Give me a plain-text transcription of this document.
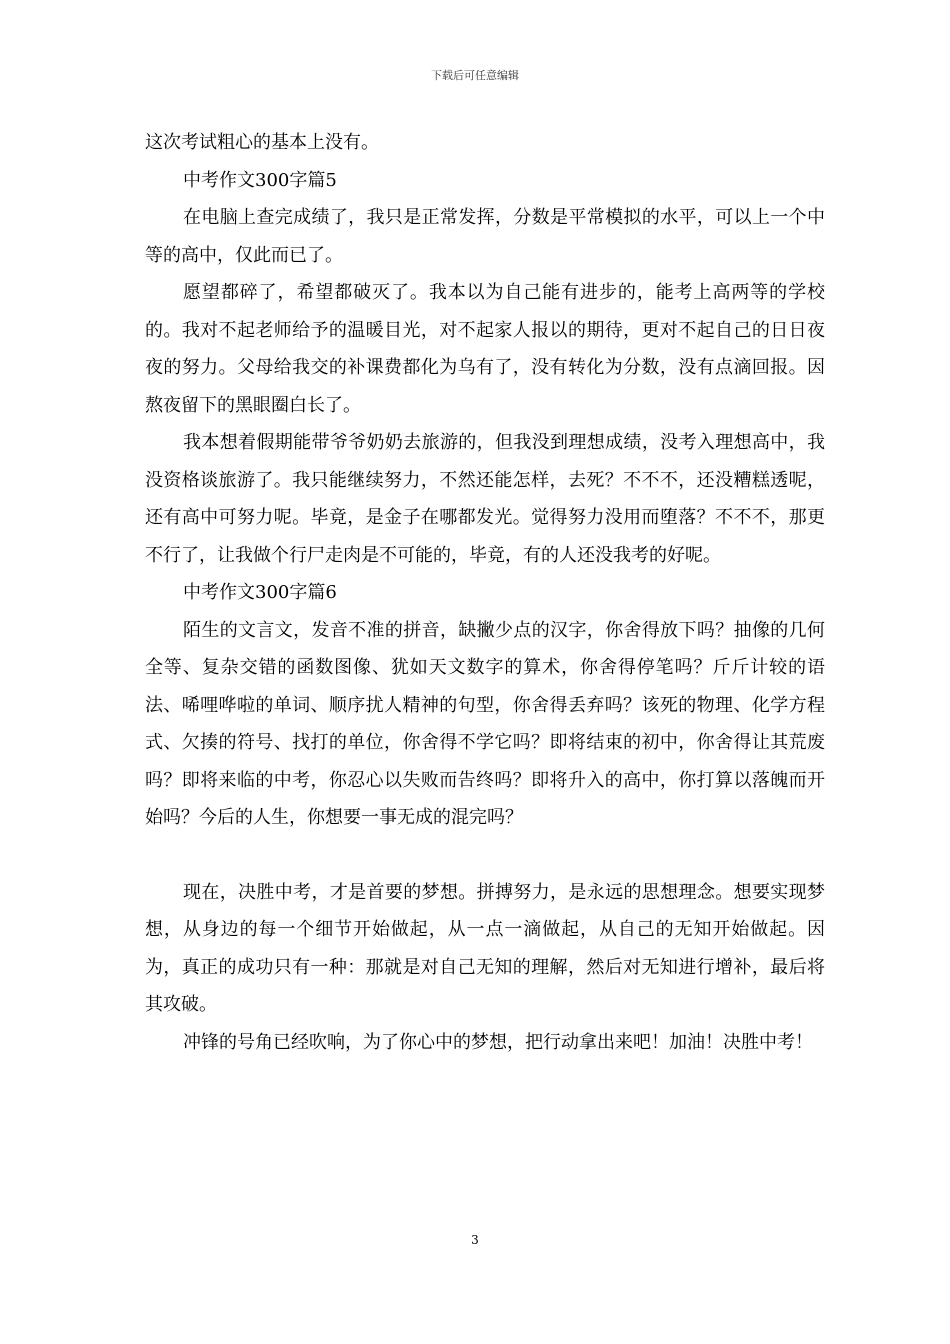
下载后可任意编辑

这次考试粗心的基本上没有。

中考作文300字篇5

在电脑上查完成绩了，我只是正常发挥，分数是平常模拟的水平，可以上一个中等的高中，仅此而已了。

愿望都碎了，希望都破灭了。我本以为自己能有进步的，能考上高两等的学校的。我对不起老师给予的温暖目光，对不起家人报以的期待，更对不起自己的日日夜夜的努力。父母给我交的补课费都化为乌有了，没有转化为分数，没有点滴回报。因熬夜留下的黑眼圈白长了。

我本想着假期能带爷爷奶奶去旅游的，但我没到理想成绩，没考入理想高中，我没资格谈旅游了。我只能继续努力，不然还能怎样，去死？不不不，还没糟糕透呢，还有高中可努力呢。毕竟，是金子在哪都发光。觉得努力没用而堕落？不不不，那更不行了，让我做个行尸走肉是不可能的，毕竟，有的人还没我考的好呢。

中考作文300字篇6

陌生的文言文，发音不准的拼音，缺撇少点的汉字，你舍得放下吗？抽像的几何全等、复杂交错的函数图像、犹如天文数字的算术，你舍得停笔吗？斤斤计较的语法、唏哩哗啦的单词、顺序扰人精神的句型，你舍得丢弃吗？该死的物理、化学方程式、欠揍的符号、找打的单位，你舍得不学它吗？即将结束的初中，你舍得让其荒废吗？即将来临的中考，你忍心以失败而告终吗？即将升入的高中，你打算以落魄而开始吗？今后的人生，你想要一事无成的混完吗？

现在，决胜中考，才是首要的梦想。拼搏努力，是永远的思想理念。想要实现梦想，从身边的每一个细节开始做起，从一点一滴做起，从自己的无知开始做起。因为，真正的成功只有一种：那就是对自己无知的理解，然后对无知进行增补，最后将其攻破。

冲锋的号角已经吹响，为了你心中的梦想，把行动拿出来吧！加油！决胜中考！

3
